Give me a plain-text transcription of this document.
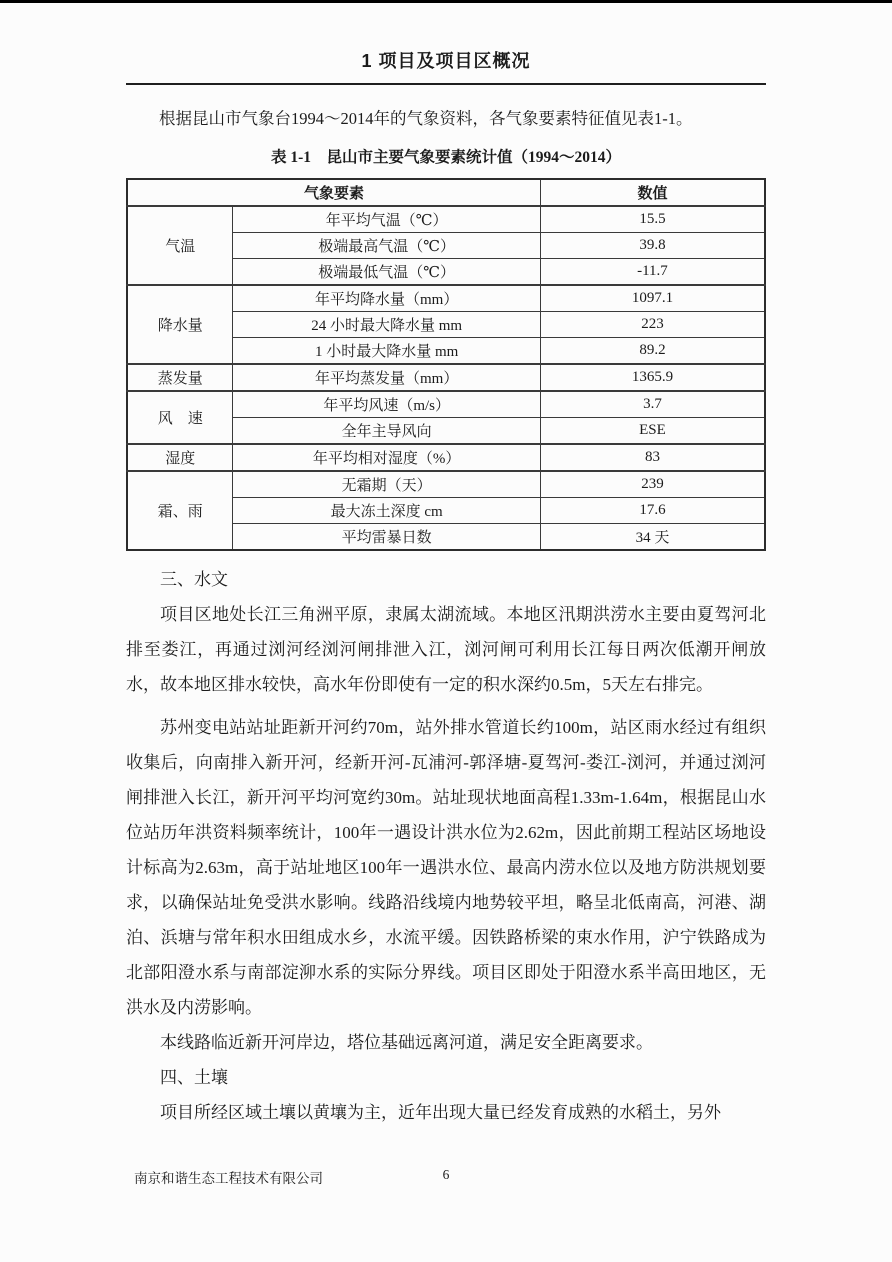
1 项目及项目区概况

根据昆山市气象台1994～2014年的气象资料，各气象要素特征值见表1-1。

表 1-1　昆山市主要气象要素统计值（1994～2014）
气象要素		数值
气温	年平均气温（℃）	15.5
	极端最高气温（℃）	39.8
	极端最低气温（℃）	-11.7
降水量	年平均降水量（mm）	1097.1
	24 小时最大降水量 mm	223
	1 小时最大降水量 mm	89.2
蒸发量	年平均蒸发量（mm）	1365.9
风　速	年平均风速（m/s）	3.7
	全年主导风向	ESE
湿度	年平均相对湿度（%）	83
霜、雨	无霜期（天）	239
	最大冻土深度 cm	17.6
	平均雷暴日数	34 天

三、水文

项目区地处长江三角洲平原，隶属太湖流域。本地区汛期洪涝水主要由夏驾河北排至娄江，再通过浏河经浏河闸排泄入江，浏河闸可利用长江每日两次低潮开闸放水，故本地区排水较快，高水年份即使有一定的积水深约0.5m，5天左右排完。

苏州变电站站址距新开河约70m，站外排水管道长约100m，站区雨水经过有组织收集后，向南排入新开河，经新开河-瓦浦河-郭泽塘-夏驾河-娄江-浏河，并通过浏河闸排泄入长江，新开河平均河宽约30m。站址现状地面高程1.33m-1.64m，根据昆山水位站历年洪资料频率统计，100年一遇设计洪水位为2.62m，因此前期工程站区场地设计标高为2.63m，高于站址地区100年一遇洪水位、最高内涝水位以及地方防洪规划要求，以确保站址免受洪水影响。线路沿线境内地势较平坦，略呈北低南高，河港、湖泊、浜塘与常年积水田组成水乡，水流平缓。因铁路桥梁的束水作用，沪宁铁路成为北部阳澄水系与南部淀泖水系的实际分界线。项目区即处于阳澄水系半高田地区，无洪水及内涝影响。

本线路临近新开河岸边，塔位基础远离河道，满足安全距离要求。

四、土壤

项目所经区域土壤以黄壤为主，近年出现大量已经发育成熟的水稻土，另外

南京和谐生态工程技术有限公司	6
